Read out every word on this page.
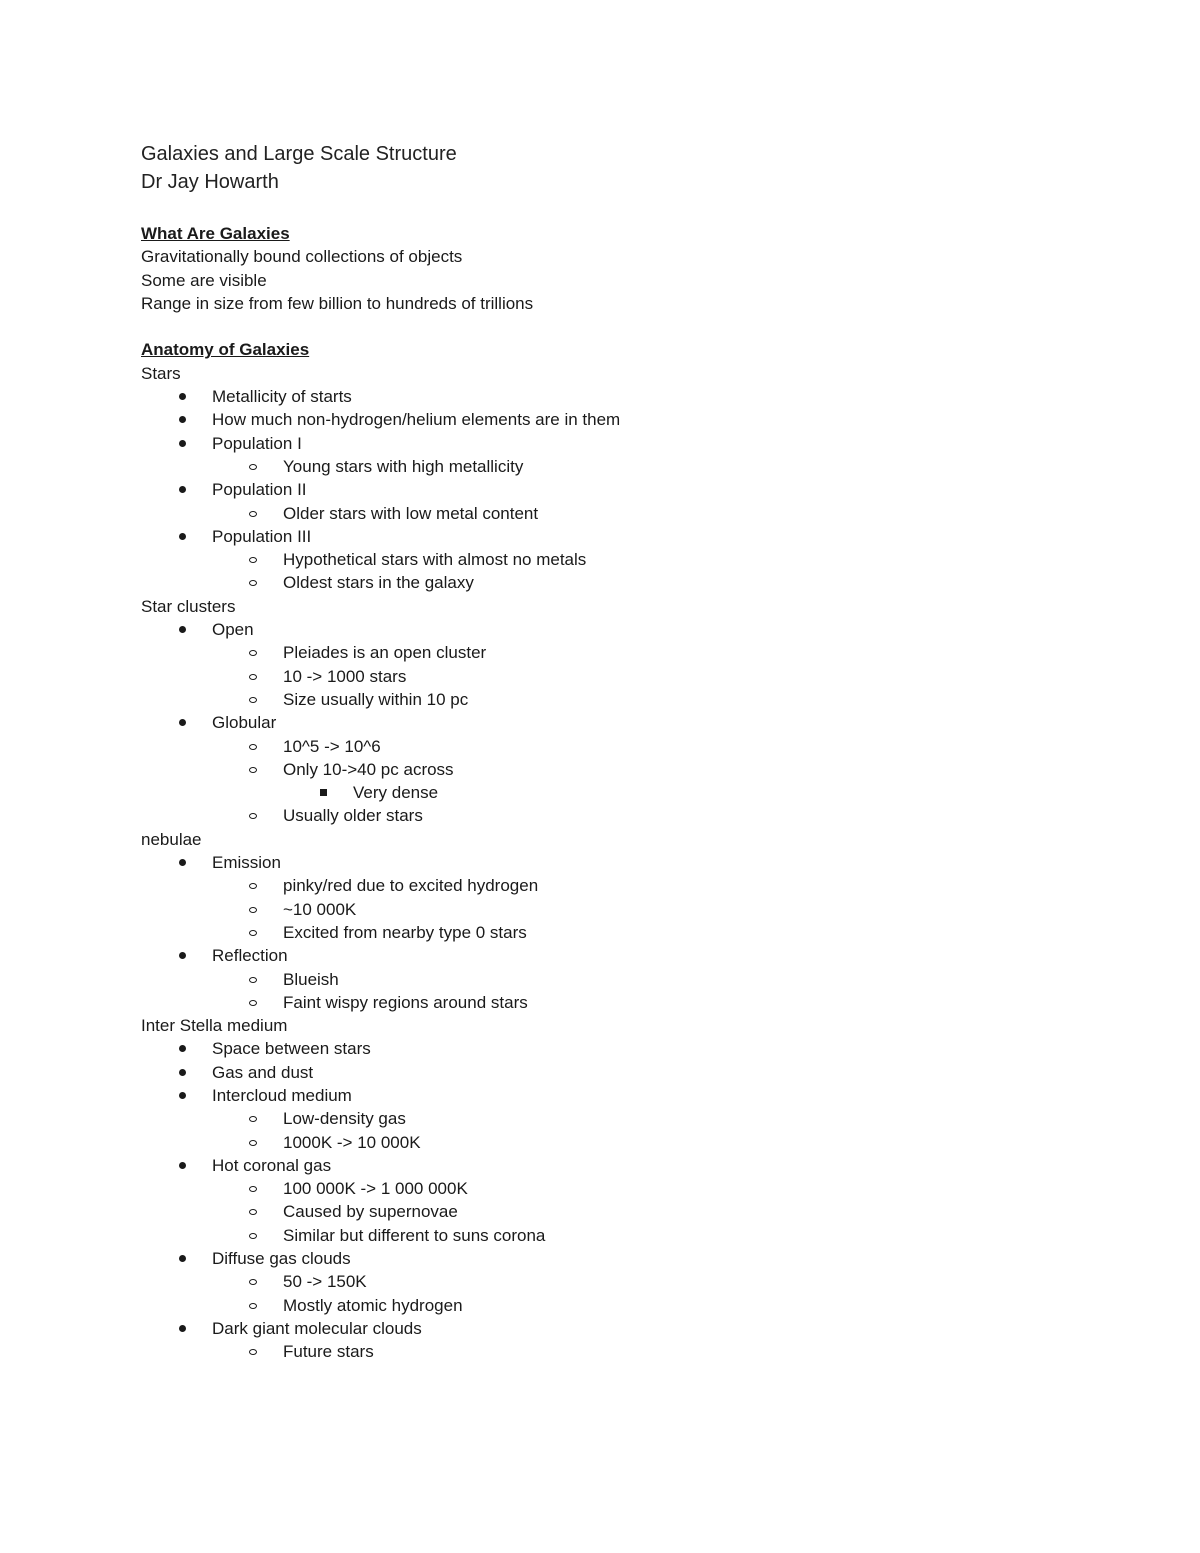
Galaxies and Large Scale Structure

Dr Jay Howarth

What Are Galaxies

Gravitationally bound collections of objects

Some are visible

Range in size from few billion to hundreds of trillions

Anatomy of Galaxies

Stars

Metallicity of starts
How much non-hydrogen/helium elements are in them
Population I
Young stars with high metallicity
Population II
Older stars with low metal content
Population III
Hypothetical stars with almost no metals
Oldest stars in the galaxy

Star clusters

Open
Pleiades is an open cluster
10 -> 1000 stars
Size usually within 10 pc
Globular
10^5 -> 10^6
Only 10->40 pc across
Very dense
Usually older stars

nebulae

Emission
pinky/red due to excited hydrogen
~10 000K
Excited from nearby type 0 stars
Reflection
Blueish
Faint wispy regions around stars

Inter Stella medium

Space between stars
Gas and dust
Intercloud medium
Low-density gas
1000K -> 10 000K
Hot coronal gas
100 000K -> 1 000 000K
Caused by supernovae
Similar but different to suns corona
Diffuse gas clouds
50 -> 150K
Mostly atomic hydrogen
Dark giant molecular clouds
Future stars
